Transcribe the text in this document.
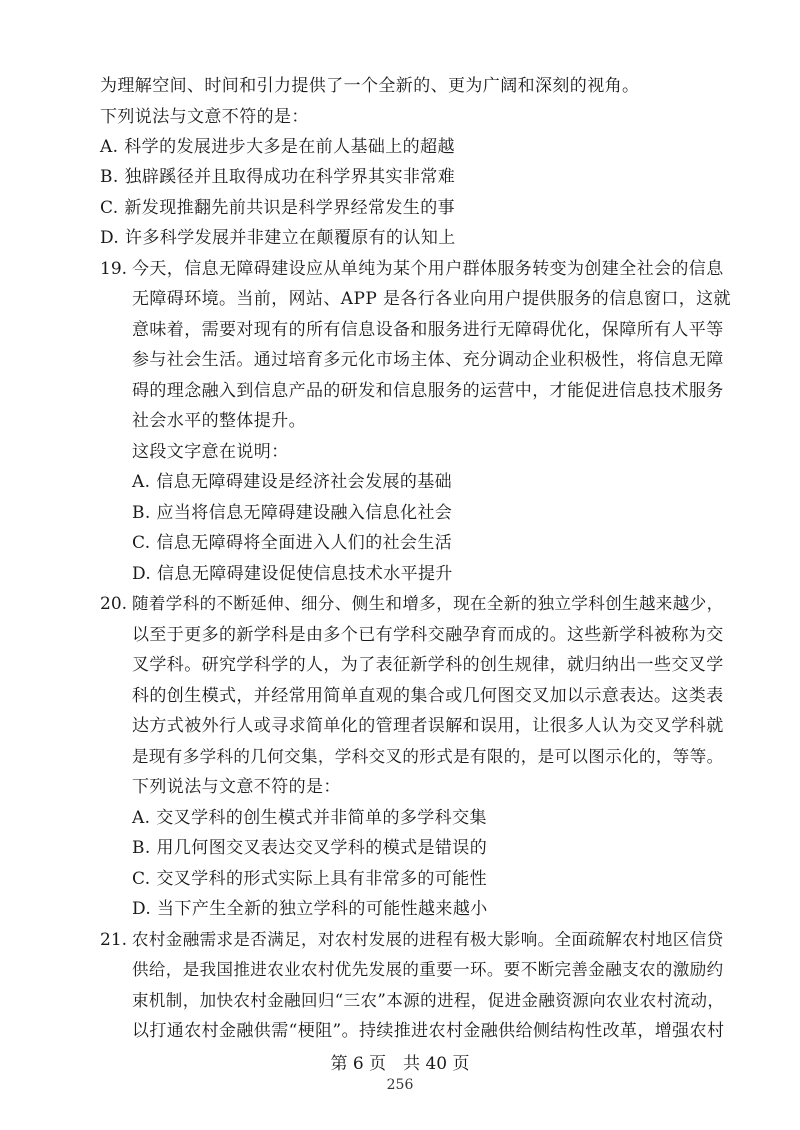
为理解空间、时间和引力提供了一个全新的、更为广阔和深刻的视角。
下列说法与文意不符的是：
A. 科学的发展进步大多是在前人基础上的超越
B. 独辟蹊径并且取得成功在科学界其实非常难
C. 新发现推翻先前共识是科学界经常发生的事
D. 许多科学发展并非建立在颠覆原有的认知上
19. 今天，信息无障碍建设应从单纯为某个用户群体服务转变为创建全社会的信息
无障碍环境。当前，网站、APP 是各行各业向用户提供服务的信息窗口，这就
意味着，需要对现有的所有信息设备和服务进行无障碍优化，保障所有人平等
参与社会生活。通过培育多元化市场主体、充分调动企业积极性，将信息无障
碍的理念融入到信息产品的研发和信息服务的运营中，才能促进信息技术服务
社会水平的整体提升。
这段文字意在说明：
A. 信息无障碍建设是经济社会发展的基础
B. 应当将信息无障碍建设融入信息化社会
C. 信息无障碍将全面进入人们的社会生活
D. 信息无障碍建设促使信息技术水平提升
20. 随着学科的不断延伸、细分、侧生和增多，现在全新的独立学科创生越来越少，
以至于更多的新学科是由多个已有学科交融孕育而成的。这些新学科被称为交
叉学科。研究学科学的人，为了表征新学科的创生规律，就归纳出一些交叉学
科的创生模式，并经常用简单直观的集合或几何图交叉加以示意表达。这类表
达方式被外行人或寻求简单化的管理者误解和误用，让很多人认为交叉学科就
是现有多学科的几何交集，学科交叉的形式是有限的，是可以图示化的，等等。
下列说法与文意不符的是：
A. 交叉学科的创生模式并非简单的多学科交集
B. 用几何图交叉表达交叉学科的模式是错误的
C. 交叉学科的形式实际上具有非常多的可能性
D. 当下产生全新的独立学科的可能性越来越小
21. 农村金融需求是否满足，对农村发展的进程有极大影响。全面疏解农村地区信贷
供给，是我国推进农业农村优先发展的重要一环。要不断完善金融支农的激励约
束机制，加快农村金融回归“三农”本源的进程，促进金融资源向农业农村流动，
以打通农村金融供需“梗阻”。持续推进农村金融供给侧结构性改革，增强农村
第 6 页　共 40 页
256
